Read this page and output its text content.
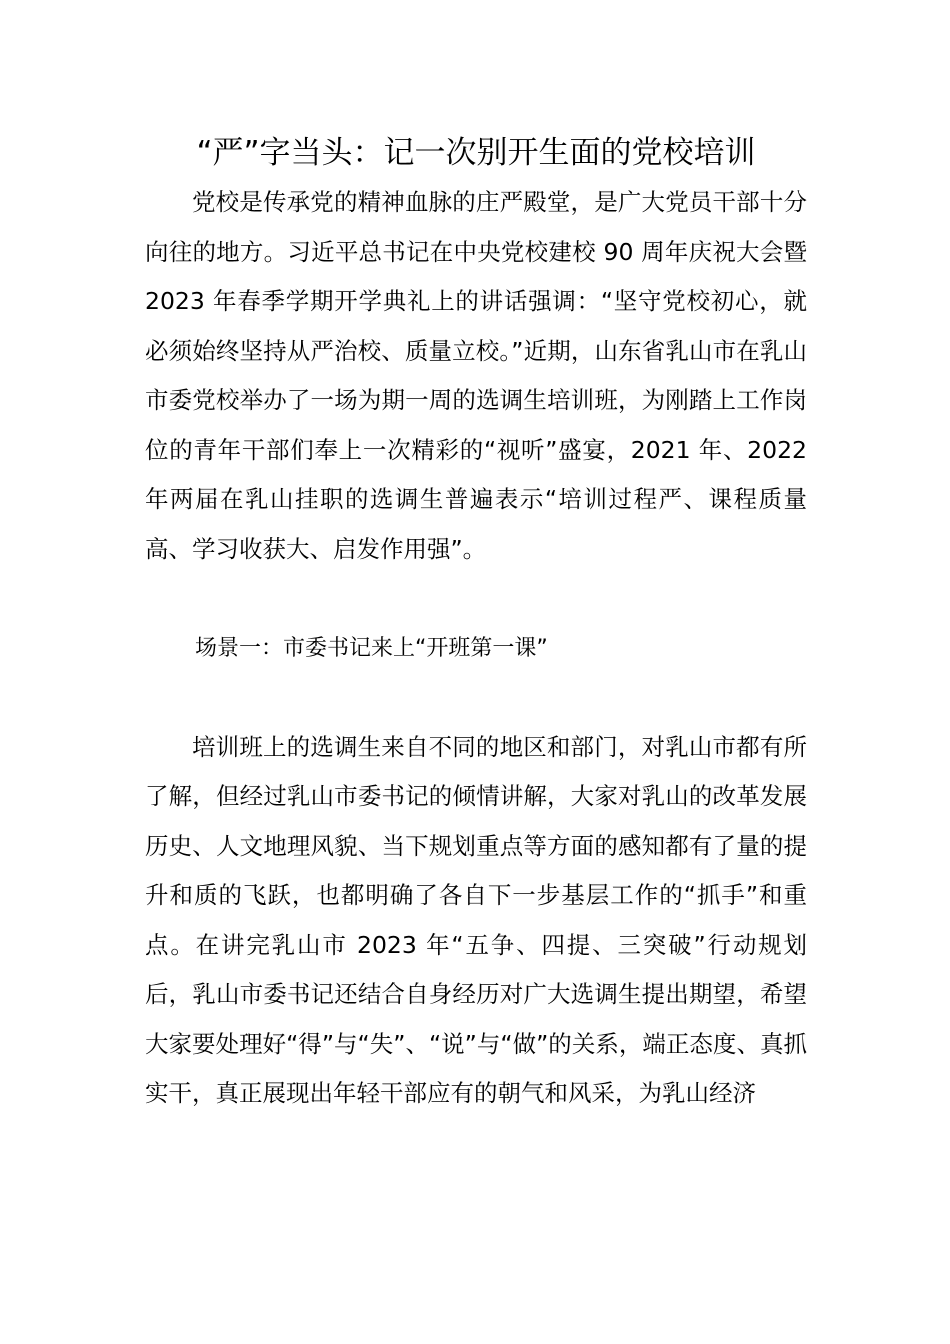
“严”字当头：记一次别开生面的党校培训

党校是传承党的精神血脉的庄严殿堂，是广大党员干部十分向往的地方。习近平总书记在中央党校建校 90 周年庆祝大会暨 2023 年春季学期开学典礼上的讲话强调：“坚守党校初心，就必须始终坚持从严治校、质量立校。”近期，山东省乳山市在乳山市委党校举办了一场为期一周的选调生培训班，为刚踏上工作岗位的青年干部们奉上一次精彩的“视听”盛宴，2021 年、2022 年两届在乳山挂职的选调生普遍表示“培训过程严、课程质量高、学习收获大、启发作用强”。

场景一：市委书记来上“开班第一课”

培训班上的选调生来自不同的地区和部门，对乳山市都有所了解，但经过乳山市委书记的倾情讲解，大家对乳山的改革发展历史、人文地理风貌、当下规划重点等方面的感知都有了量的提升和质的飞跃，也都明确了各自下一步基层工作的“抓手”和重点。在讲完乳山市 2023 年“五争、四提、三突破”行动规划后，乳山市委书记还结合自身经历对广大选调生提出期望，希望大家要处理好“得”与“失”、“说”与“做”的关系，端正态度、真抓实干，真正展现出年轻干部应有的朝气和风采，为乳山经济
